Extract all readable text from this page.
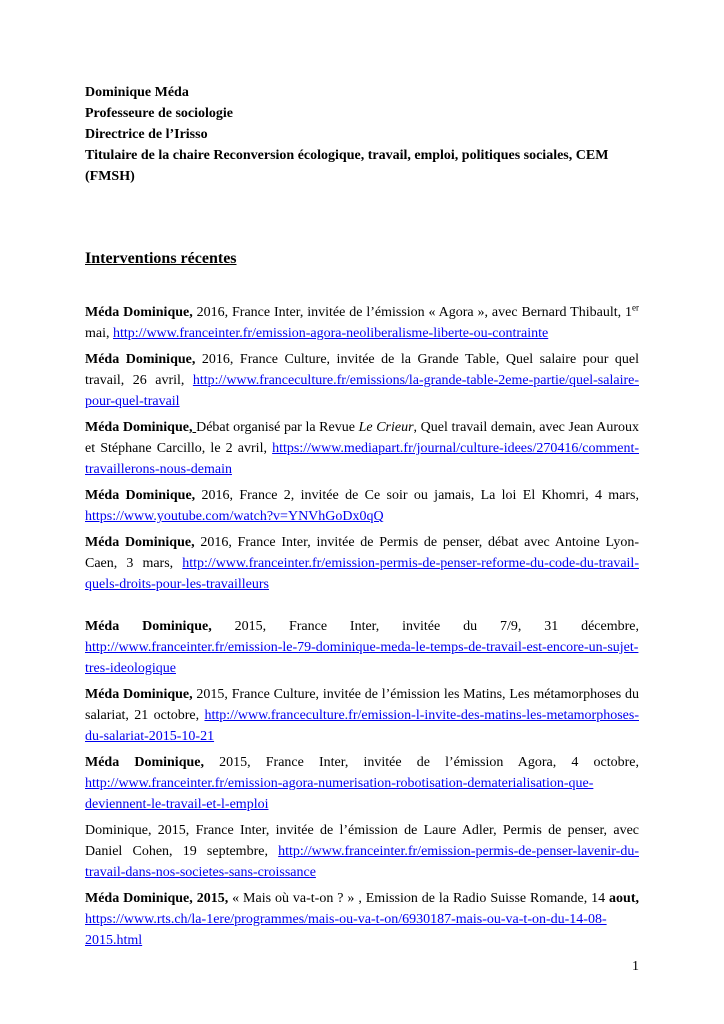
Dominique Méda
Professeure de sociologie
Directrice de l’Irisso
Titulaire de la chaire Reconversion écologique, travail, emploi, politiques sociales, CEM
(FMSH)
Interventions récentes

Méda Dominique, 2016, France Inter, invitée de l’émission « Agora », avec Bernard Thibault, 1er mai, http://www.franceinter.fr/emission-agora-neoliberalisme-liberte-ou-contrainte

Méda Dominique, 2016, France Culture, invitée de la Grande Table, Quel salaire pour quel travail, 26 avril, http://www.franceculture.fr/emissions/la-grande-table-2eme-partie/quel-salaire-pour-quel-travail

Méda Dominique, Débat organisé par la Revue Le Crieur, Quel travail demain, avec Jean Auroux et Stéphane Carcillo, le 2 avril, https://www.mediapart.fr/journal/culture-idees/270416/comment-travaillerons-nous-demain

Méda Dominique, 2016, France 2, invitée de Ce soir ou jamais, La loi El Khomri, 4 mars, https://www.youtube.com/watch?v=YNVhGoDx0qQ

Méda Dominique, 2016, France Inter, invitée de Permis de penser, débat avec Antoine Lyon-Caen, 3 mars, http://www.franceinter.fr/emission-permis-de-penser-reforme-du-code-du-travail-quels-droits-pour-les-travailleurs

Méda Dominique, 2015, France Inter, invitée du 7/9, 31 décembre, http://www.franceinter.fr/emission-le-79-dominique-meda-le-temps-de-travail-est-encore-un-sujet-tres-ideologique

Méda Dominique, 2015, France Culture, invitée de l’émission les Matins, Les métamorphoses du salariat, 21 octobre, http://www.franceculture.fr/emission-l-invite-des-matins-les-metamorphoses-du-salariat-2015-10-21

Méda Dominique, 2015, France Inter, invitée de l’émission Agora, 4 octobre, http://www.franceinter.fr/emission-agora-numerisation-robotisation-dematerialisation-que-deviennent-le-travail-et-l-emploi

Dominique, 2015, France Inter, invitée de l’émission de Laure Adler, Permis de penser, avec Daniel Cohen, 19 septembre, http://www.franceinter.fr/emission-permis-de-penser-lavenir-du-travail-dans-nos-societes-sans-croissance

Méda Dominique, 2015, « Mais où va-t-on ? » , Emission de la Radio Suisse Romande, 14 aout, https://www.rts.ch/la-1ere/programmes/mais-ou-va-t-on/6930187-mais-ou-va-t-on-du-14-08-2015.html

1
